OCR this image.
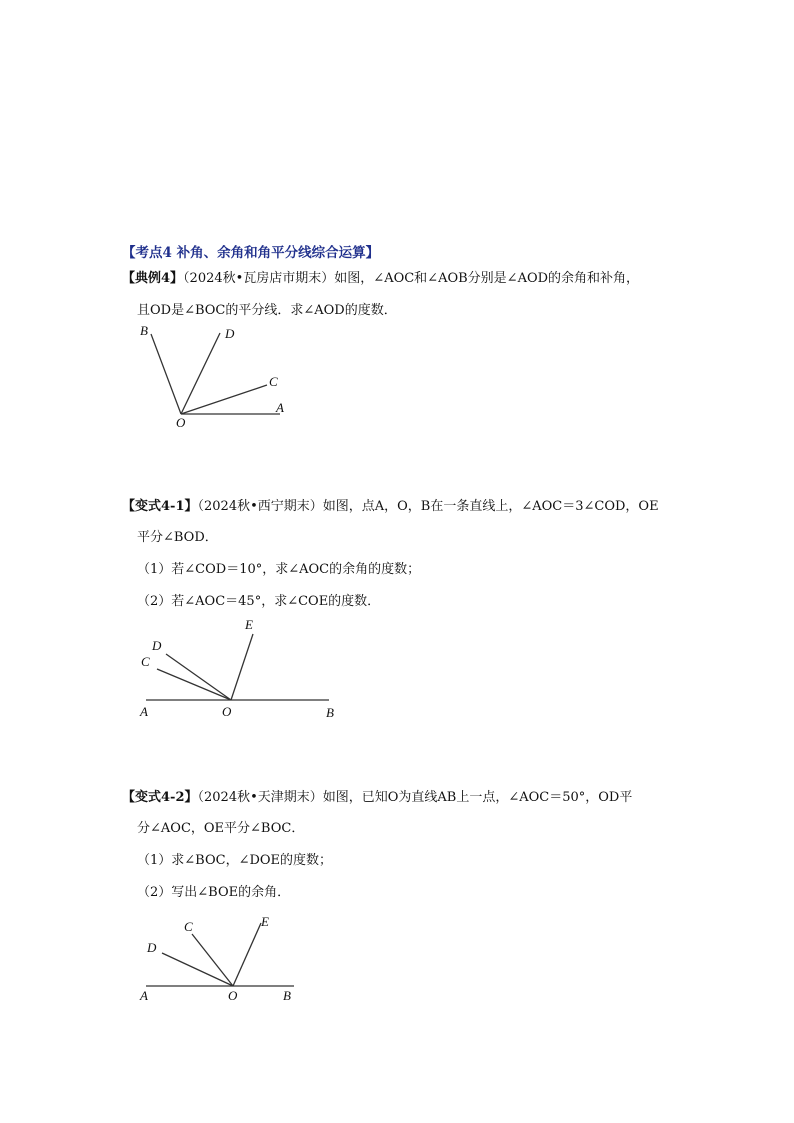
【考点4 补角、余角和角平分线综合运算】
【典例4】（2024秋•瓦房店市期末）如图，∠AOC和∠AOB分别是∠AOD的余角和补角，
且OD是∠BOC的平分线．求∠AOD的度数．
B	D
C
A
O
【变式4-1】（2024秋•西宁期末）如图，点A，O，B在一条直线上，∠AOC＝3∠COD，OE
平分∠BOD．
（1）若∠COD＝10°，求∠AOC的余角的度数；
（2）若∠AOC＝45°，求∠COE的度数．
D
C
E
A	O	B
【变式4-2】（2024秋•天津期末）如图，已知O为直线AB上一点，∠AOC＝50°，OD平
分∠AOC，OE平分∠BOC．
（1）求∠BOC，∠DOE的度数；
（2）写出∠BOE的余角．
C	E
D
A	O	B
